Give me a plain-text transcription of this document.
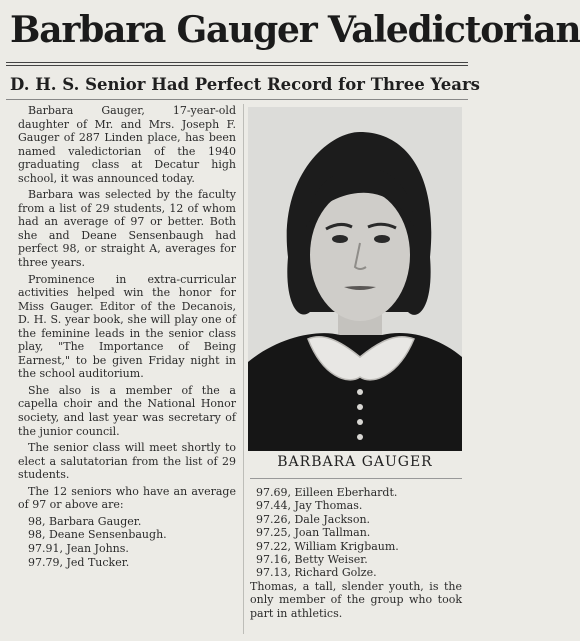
Barbara Gauger Valedictorian
D. H. S. Senior Had Perfect Record for Three Years

Barbara Gauger, 17-year-old daughter of Mr. and Mrs. Joseph F. Gauger of 287 Linden place, has been named valedictorian of the 1940 graduating class at Decatur high school, it was announced today.

Barbara was selected by the faculty from a list of 29 students, 12 of whom had an average of 97 or better. Both she and Deane Sensenbaugh had perfect 98, or straight A, averages for three years.

Prominence in extra-curricular activities helped win the honor for Miss Gauger. Editor of the Decanois, D. H. S. year book, she will play one of the feminine leads in the senior class play, "The Importance of Being Earnest," to be given Friday night in the school auditorium.

She also is a member of the a capella choir and the National Honor society, and last year was secretary of the junior council.

The senior class will meet shortly to elect a salutatorian from the list of 29 students.

The 12 seniors who have an average of 97 or above are:

98, Barbara Gauger.
98, Deane Sensenbaugh.
97.91, Jean Johns.
97.79, Jed Tucker.
BARBARA GAUGER
97.69, Eilleen Eberhardt.
97.44, Jay Thomas.
97.26, Dale Jackson.
97.25, Joan Tallman.
97.22, William Krigbaum.
97.16, Betty Weiser.
97.13, Richard Golze.

Thomas, a tall, slender youth, is the only member of the group who took part in athletics.
